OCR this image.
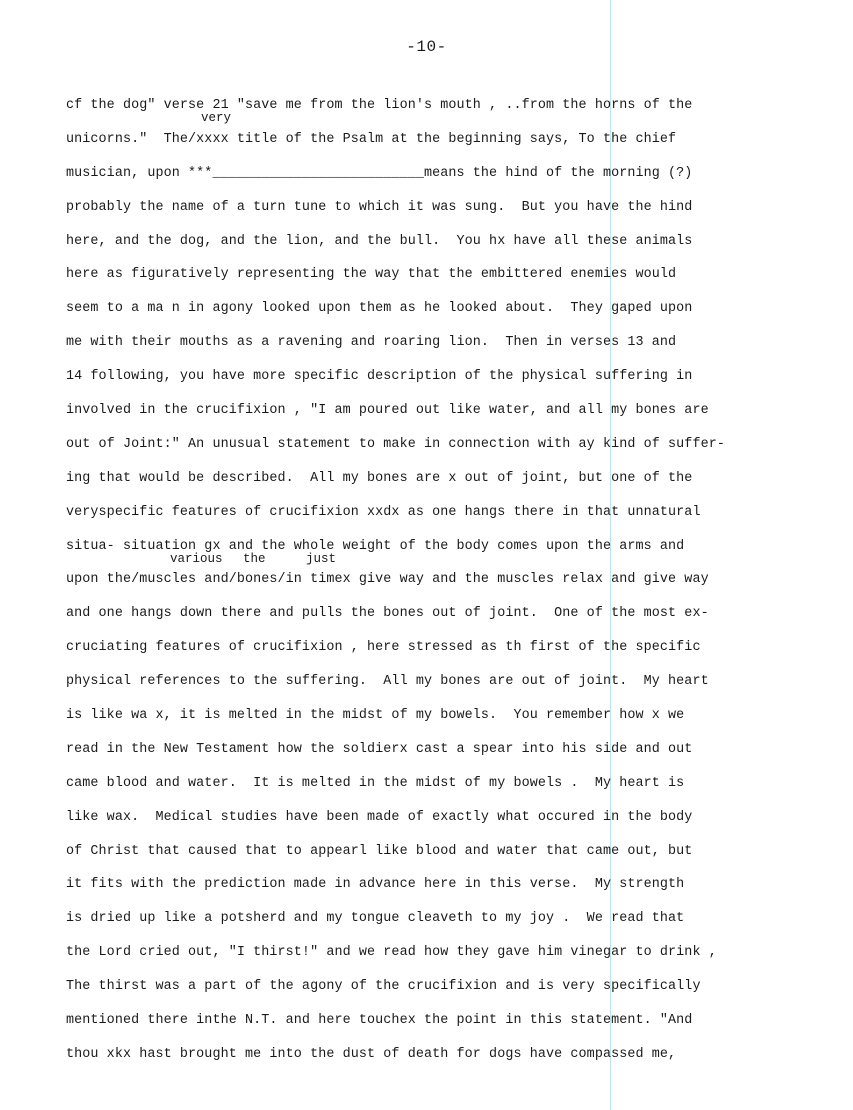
-10-
very
various the	just
cf the dog" verse 21 "save me from the lion's mouth , ..from the horns of the
unicorns."  The/xxxx title of the Psalm at the beginning says, To the chief
musician, upon ***__________________________means the hind of the morning (?)
probably the name of a turn tune to which it was sung.  But you have the hind
here, and the dog, and the lion, and the bull.  You hx have all these animals
here as figuratively representing the way that the embittered enemies would
seem to a ma n in agony looked upon them as he looked about.  They gaped upon
me with their mouths as a ravening and roaring lion.  Then in verses 13 and
14 following, you have more specific description of the physical suffering in
involved in the crucifixion , "I am poured out like water, and all my bones are
out of Joint:" An unusual statement to make in connection with ay kind of suffer-
ing that would be described.  All my bones are x out of joint, but one of the
veryspecific features of crucifixion xxdx as one hangs there in that unnatural
situa- situation gx and the whole weight of the body comes upon the arms and
upon the/muscles and/bones/in timex give way and the muscles relax and give way
and one hangs down there and pulls the bones out of joint.  One of the most ex-
cruciating features of crucifixion , here stressed as th first of the specific
physical references to the suffering.  All my bones are out of joint.  My heart
is like wa x, it is melted in the midst of my bowels.  You remember how x we
read in the New Testament how the soldierx cast a spear into his side and out
came blood and water.  It is melted in the midst of my bowels .  My heart is
like wax.  Medical studies have been made of exactly what occured in the body
of Christ that caused that to appearl like blood and water that came out, but
it fits with the prediction made in advance here in this verse.  My strength
is dried up like a potsherd and my tongue cleaveth to my joy .  We read that
the Lord cried out, "I thirst!" and we read how they gave him vinegar to drink ,
The thirst was a part of the agony of the crucifixion and is very specifically
mentioned there inthe N.T. and here touchex the point in this statement. "And
thou xkx hast brought me into the dust of death for dogs have compassed me,
